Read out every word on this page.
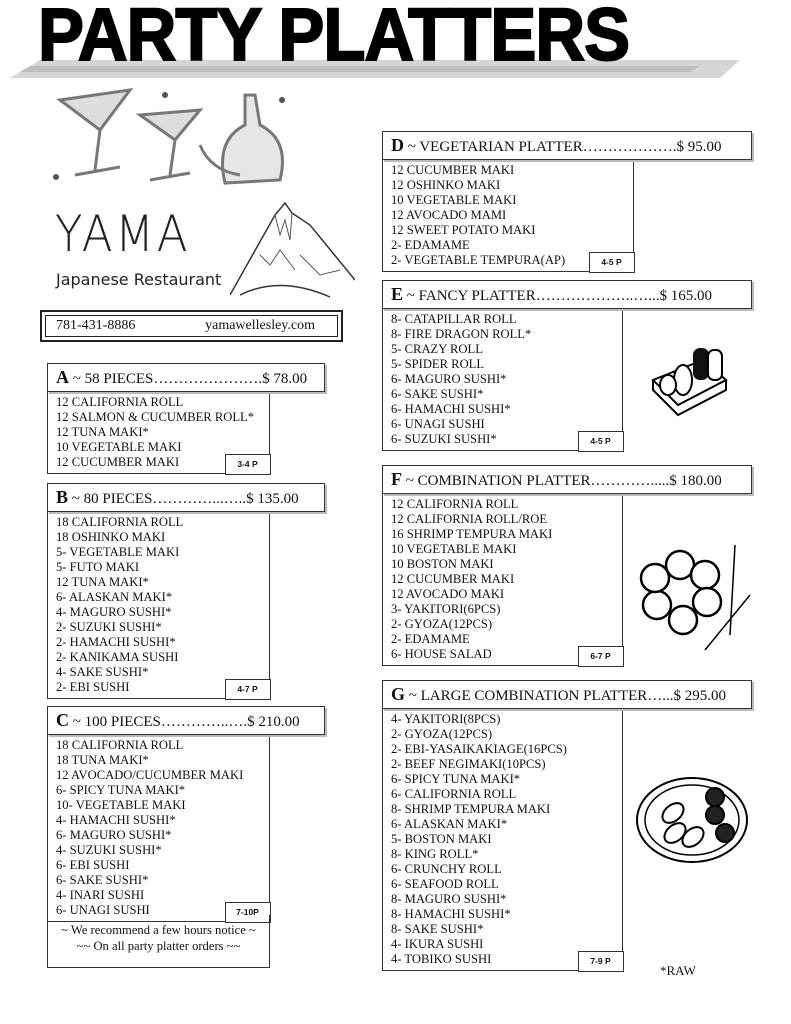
PARTY PLATTERS
YAMA
Japanese Restaurant
781-431-8886	yamawellesley.com
A ~ 58 PIECES………………….$ 78.00
12 CALIFORNIA ROLL
12 SALMON & CUCUMBER ROLL*
12 TUNA MAKI*
10 VEGETABLE MAKI
12 CUCUMBER MAKI	3-4 P
B ~ 80 PIECES…………...…..$ 135.00
18 CALIFORNIA ROLL
18 OSHINKO MAKI
5- VEGETABLE MAKI
5- FUTO MAKI
12 TUNA MAKI*
6- ALASKAN MAKI*
4- MAGURO SUSHI*
2- SUZUKI SUSHI*
2- HAMACHI SUSHI*
2- KANIKAMA SUSHI
4- SAKE SUSHI*
2- EBI SUSHI	4-7 P
C ~ 100 PIECES…………..….$ 210.00
18 CALIFORNIA ROLL
18 TUNA MAKI*
12 AVOCADO/CUCUMBER MAKI
6- SPICY TUNA MAKI*
10- VEGETABLE MAKI
4- HAMACHI SUSHI*
6- MAGURO SUSHI*
4- SUZUKI SUSHI*
6- EBI SUSHI
6- SAKE SUSHI*
4- INARI SUSHI
6- UNAGI SUSHI	7-10P
D ~ VEGETARIAN PLATTER……………….$ 95.00
12 CUCUMBER MAKI
12 OSHINKO MAKI
10 VEGETABLE MAKI
12 AVOCADO MAMI
12 SWEET POTATO MAKI
2- EDAMAME
2- VEGETABLE TEMPURA(AP)	4-5 P
E ~ FANCY PLATTER………………..…...$ 165.00
8- CATAPILLAR ROLL
8- FIRE DRAGON ROLL*
5- CRAZY ROLL
5- SPIDER ROLL
6- MAGURO SUSHI*
6- SAKE SUSHI*
6- HAMACHI SUSHI*
6- UNAGI SUSHI
6- SUZUKI SUSHI*	4-5 P
F ~ COMBINATION PLATTER………….....$ 180.00
12 CALIFORNIA ROLL
12 CALIFORNIA ROLL/ROE
16 SHRIMP TEMPURA MAKI
10 VEGETABLE MAKI
10 BOSTON MAKI
12 CUCUMBER MAKI
12 AVOCADO MAKI
3- YAKITORI(6PCS)
2- GYOZA(12PCS)
2- EDAMAME
6- HOUSE SALAD	6-7 P
G ~ LARGE COMBINATION PLATTER…...$ 295.00
4- YAKITORI(8PCS)
2- GYOZA(12PCS)
2- EBI-YASAIKAKIAGE(16PCS)
2- BEEF NEGIMAKI(10PCS)
6- SPICY TUNA MAKI*
6- CALIFORNIA ROLL
8- SHRIMP TEMPURA MAKI
6- ALASKAN MAKI*
5- BOSTON MAKI
8- KING ROLL*
6- CRUNCHY ROLL
6- SEAFOOD ROLL
8- MAGURO SUSHI*
8- HAMACHI SUSHI*
8- SAKE SUSHI*
4- IKURA SUSHI
4- TOBIKO SUSHI	7-9 P
~ We recommend a few hours notice ~
~~ On all party platter orders ~~
*RAW
